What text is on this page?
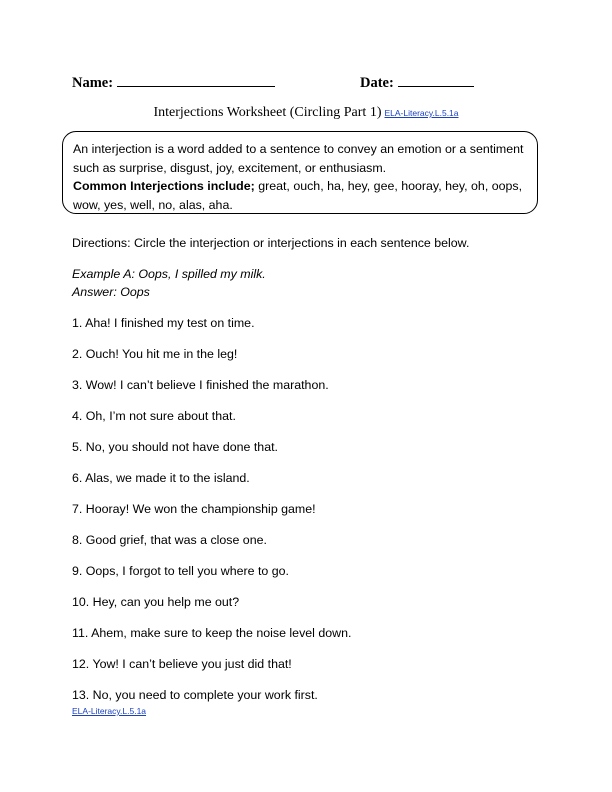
Name:	Date:
Interjections Worksheet (Circling Part 1) ELA-Literacy.L.5.1a
An interjection is a word added to a sentence to convey an emotion or a sentiment such as surprise, disgust, joy, excitement, or enthusiasm.
Common Interjections include; great, ouch, ha, hey, gee, hooray, hey, oh, oops, wow, yes, well, no, alas, aha.
Directions: Circle the interjection or interjections in each sentence below.
Example A: Oops, I spilled my milk.
Answer: Oops
1. Aha! I finished my test on time.
2. Ouch! You hit me in the leg!
3. Wow! I can’t believe I finished the marathon.
4. Oh, I’m not sure about that.
5. No, you should not have done that.
6. Alas, we made it to the island.
7. Hooray! We won the championship game!
8. Good grief, that was a close one.
9. Oops, I forgot to tell you where to go.
10. Hey, can you help me out?
11. Ahem, make sure to keep the noise level down.
12. Yow! I can’t believe you just did that!
13. No, you need to complete your work first.
ELA-Literacy.L.5.1a
